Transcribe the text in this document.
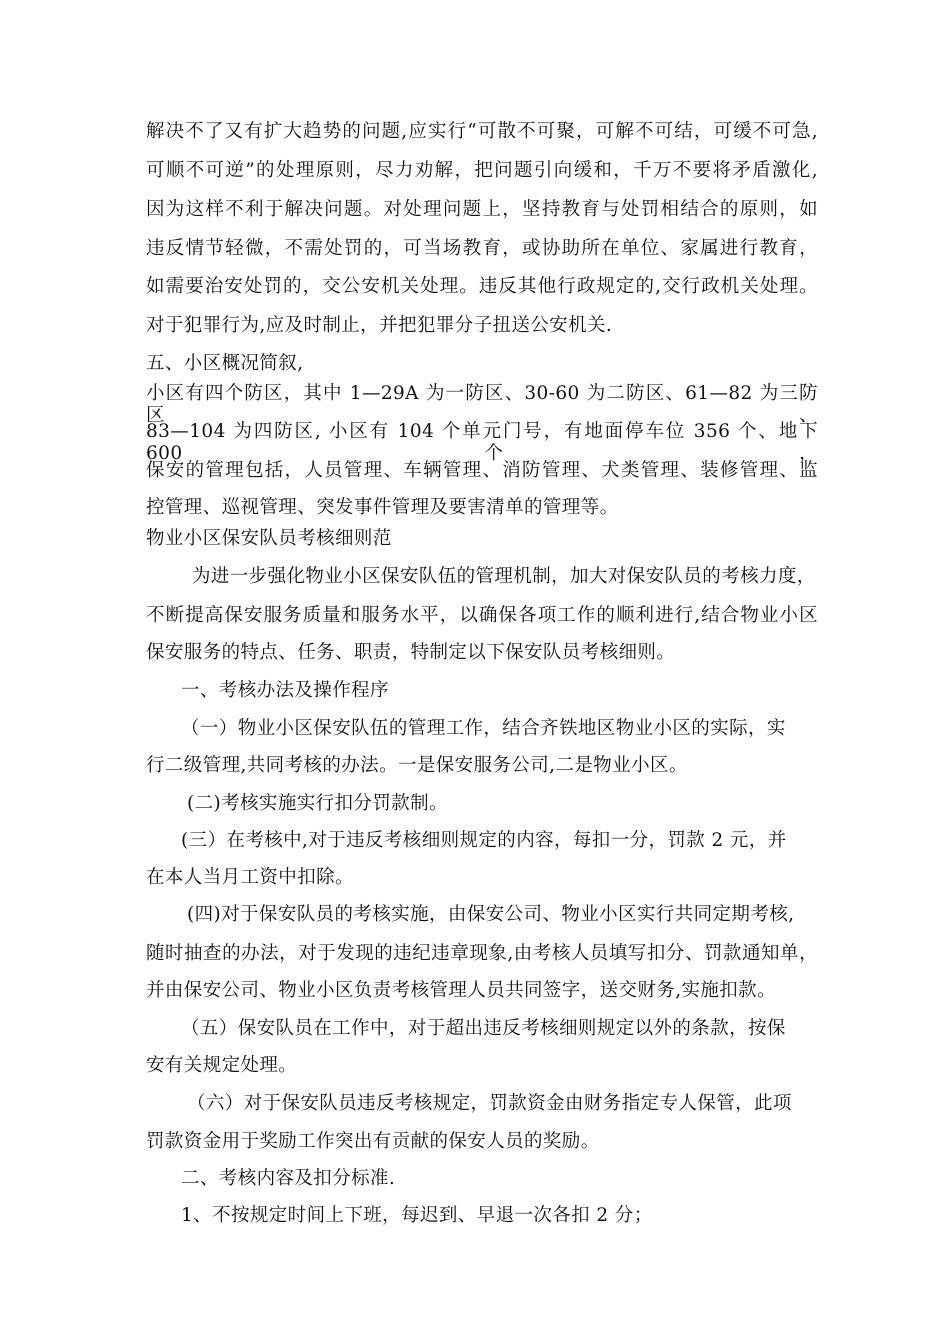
解决不了又有扩大趋势的问题,应实行“可散不可聚，可解不可结，可缓不可急,
可顺不可逆”的处理原则，尽力劝解，把问题引向缓和，千万不要将矛盾激化,
因为这样不利于解决问题。对处理问题上，坚持教育与处罚相结合的原则，如
违反情节轻微，不需处罚的，可当场教育，或协助所在单位、家属进行教育，
如需要治安处罚的，交公安机关处理。违反其他行政规定的,交行政机关处理。
对于犯罪行为,应及时制止，并把犯罪分子扭送公安机关.
五、小区概况简叙,
小区有四个防区，其中 1—29A 为一防区、30-60 为二防区、61—82 为三防区、
83—104 为四防区, 小区有 104 个单元门号，有地面停车位 356 个、地下 600 个，
保安的管理包括，人员管理、车辆管理、消防管理、犬类管理、装修管理、监
控管理、巡视管理、突发事件管理及要害清单的管理等。
物业小区保安队员考核细则范
为进一步强化物业小区保安队伍的管理机制，加大对保安队员的考核力度，
不断提高保安服务质量和服务水平，以确保各项工作的顺利进行,结合物业小区
保安服务的特点、任务、职责，特制定以下保安队员考核细则。
一、考核办法及操作程序
（一）物业小区保安队伍的管理工作，结合齐铁地区物业小区的实际，实
行二级管理,共同考核的办法。一是保安服务公司,二是物业小区。
(二)考核实施实行扣分罚款制。
(三）在考核中,对于违反考核细则规定的内容，每扣一分，罚款 2 元，并
在本人当月工资中扣除。
(四)对于保安队员的考核实施，由保安公司、物业小区实行共同定期考核,
随时抽查的办法，对于发现的违纪违章现象,由考核人员填写扣分、罚款通知单，
并由保安公司、物业小区负责考核管理人员共同签字，送交财务,实施扣款。
（五）保安队员在工作中，对于超出违反考核细则规定以外的条款，按保
安有关规定处理。
（六）对于保安队员违反考核规定，罚款资金由财务指定专人保管，此项
罚款资金用于奖励工作突出有贡献的保安人员的奖励。
二、考核内容及扣分标准.
1、不按规定时间上下班，每迟到、早退一次各扣 2 分；
